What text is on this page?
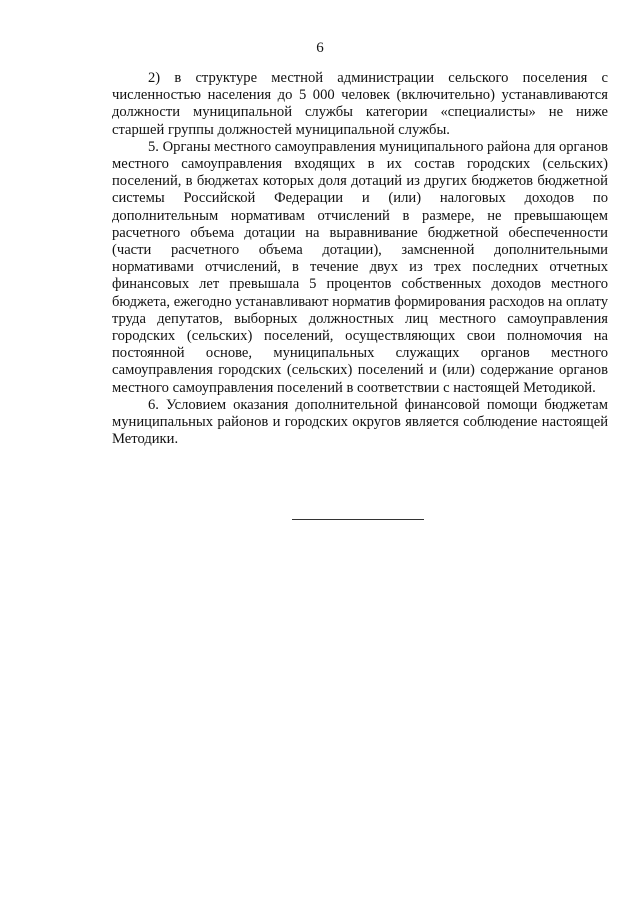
6

2) в структуре местной администрации сельского поселения с численностью населения до 5 000 человек (включительно) устанавливаются должности муниципальной службы категории «специалисты» не ниже старшей группы должностей муниципальной службы.

5. Органы местного самоуправления муниципального района для органов местного самоуправления входящих в их состав городских (сельских) поселений, в бюджетах которых доля дотаций из других бюджетов бюджетной системы Российской Федерации и (или) налоговых доходов по дополнительным нормативам отчислений в размере, не превышающем расчетного объема дотации на выравнивание бюджетной обеспеченности (части расчетного объема дотации), замсненной дополнительными нормативами отчислений, в течение двух из трех последних отчетных финансовых лет превышала 5 процентов собственных доходов местного бюджета, ежегодно устанавливают норматив формирования расходов на оплату труда депутатов, выборных должностных лиц местного самоуправления городских (сельских) поселений, осуществляющих свои полномочия на постоянной основе, муниципальных служащих органов местного самоуправления городских (сельских) поселений и (или) содержание органов местного самоуправления поселений в соответствии с настоящей Методикой.

6. Условием оказания дополнительной финансовой помощи бюджетам муниципальных районов и городских округов является соблюдение настоящей Методики.
